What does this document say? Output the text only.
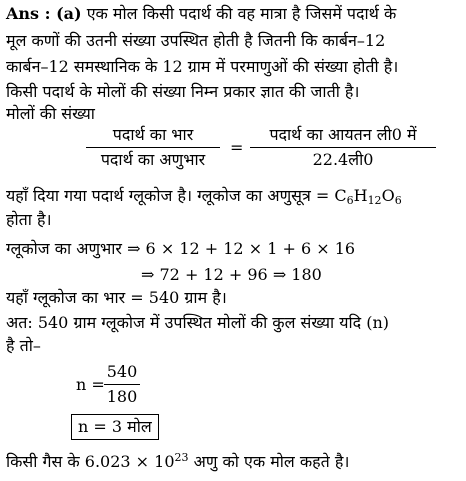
Ans : (a) एक मोल किसी पदार्थ की वह मात्रा है जिसमें पदार्थ के
मूल कणों की उतनी संख्या उपस्थित होती है जितनी कि कार्बन–12
कार्बन–12 समस्थानिक के 12 ग्राम में परमाणुओं की संख्या होती है।
किसी पदार्थ के मोलों की संख्या निम्न प्रकार ज्ञात की जाती है।
मोलों की संख्या
पदार्थ का भार
पदार्थ का अणुभार
=
पदार्थ का आयतन ली0 में
22.4ली0
यहाँ दिया गया पदार्थ ग्लूकोज है। ग्लूकोज का अणुसूत्र = $C_6H_{12}O_6$
होता है।
ग्लूकोज का अणुभार ⇒ 6 × 12 + 12 × 1 + 6 × 16
⇒ 72 + 12 + 96 ⇒ 180
यहाँ ग्लूकोज का भार = 540 ग्राम है।
अत: 540 ग्राम ग्लूकोज में उपस्थित मोलों की कुल संख्या यदि (n)
है तो–
n =
540
180
n = 3 मोल
किसी गैस के $6.023 \times 10^{23}$ अणु को एक मोल कहते है।
